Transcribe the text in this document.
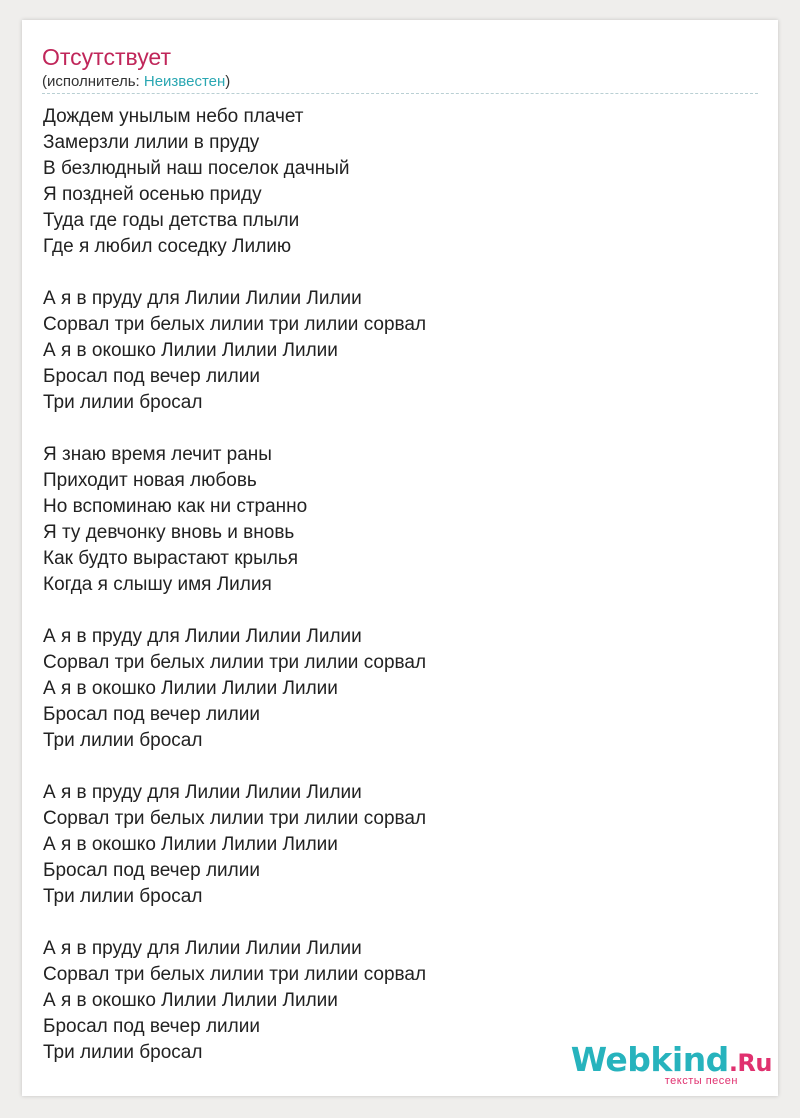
Отсутствует
(исполнитель: Неизвестен)
Дождем унылым небо плачет
Замерзли лилии в пруду
В безлюдный наш поселок дачный
Я поздней осенью приду
Туда где годы детства плыли
Где я любил соседку Лилию
А я в пруду для Лилии Лилии Лилии
Сорвал три белых лилии три лилии сорвал
А я в окошко Лилии Лилии Лилии
Бросал под вечер лилии
Три лилии бросал
Я знаю время лечит раны
Приходит новая любовь
Но вспоминаю как ни странно
Я ту девчонку вновь и вновь
Как будто вырастают крылья
Когда я слышу имя Лилия
А я в пруду для Лилии Лилии Лилии
Сорвал три белых лилии три лилии сорвал
А я в окошко Лилии Лилии Лилии
Бросал под вечер лилии
Три лилии бросал
А я в пруду для Лилии Лилии Лилии
Сорвал три белых лилии три лилии сорвал
А я в окошко Лилии Лилии Лилии
Бросал под вечер лилии
Три лилии бросал
А я в пруду для Лилии Лилии Лилии
Сорвал три белых лилии три лилии сорвал
А я в окошко Лилии Лилии Лилии
Бросал под вечер лилии
Три лилии бросал	Webkind.Ru
тексты песен
